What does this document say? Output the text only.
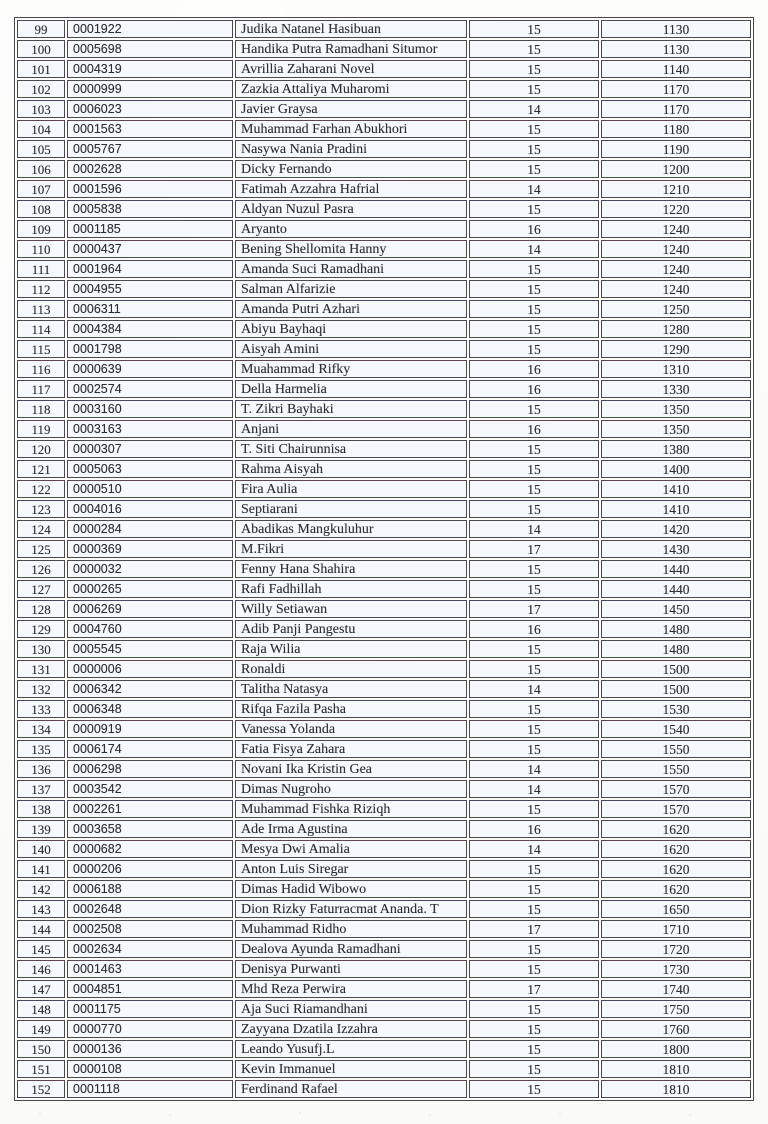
99	0001922	Judika Natanel Hasibuan	15	1130
100	0005698	Handika Putra Ramadhani Situmor	15	1130
101	0004319	Avrillia Zaharani Novel	15	1140
102	0000999	Zazkia Attaliya Muharomi	15	1170
103	0006023	Javier Graysa	14	1170
104	0001563	Muhammad Farhan Abukhori	15	1180
105	0005767	Nasywa Nania Pradini	15	1190
106	0002628	Dicky Fernando	15	1200
107	0001596	Fatimah Azzahra Hafrial	14	1210
108	0005838	Aldyan Nuzul Pasra	15	1220
109	0001185	Aryanto	16	1240
110	0000437	Bening Shellomita Hanny	14	1240
111	0001964	Amanda Suci Ramadhani	15	1240
112	0004955	Salman Alfarizie	15	1240
113	0006311	Amanda Putri Azhari	15	1250
114	0004384	Abiyu Bayhaqi	15	1280
115	0001798	Aisyah Amini	15	1290
116	0000639	Muahammad Rifky	16	1310
117	0002574	Della Harmelia	16	1330
118	0003160	T. Zikri Bayhaki	15	1350
119	0003163	Anjani	16	1350
120	0000307	T. Siti Chairunnisa	15	1380
121	0005063	Rahma Aisyah	15	1400
122	0000510	Fira Aulia	15	1410
123	0004016	Septiarani	15	1410
124	0000284	Abadikas Mangkuluhur	14	1420
125	0000369	M.Fikri	17	1430
126	0000032	Fenny Hana Shahira	15	1440
127	0000265	Rafi Fadhillah	15	1440
128	0006269	Willy Setiawan	17	1450
129	0004760	Adib Panji Pangestu	16	1480
130	0005545	Raja Wilia	15	1480
131	0000006	Ronaldi	15	1500
132	0006342	Talitha Natasya	14	1500
133	0006348	Rifqa Fazila Pasha	15	1530
134	0000919	Vanessa Yolanda	15	1540
135	0006174	Fatia Fisya Zahara	15	1550
136	0006298	Novani Ika Kristin Gea	14	1550
137	0003542	Dimas Nugroho	14	1570
138	0002261	Muhammad Fishka Riziqh	15	1570
139	0003658	Ade Irma Agustina	16	1620
140	0000682	Mesya Dwi Amalia	14	1620
141	0000206	Anton Luis Siregar	15	1620
142	0006188	Dimas Hadid Wibowo	15	1620
143	0002648	Dion Rizky Faturracmat Ananda. T	15	1650
144	0002508	Muhammad Ridho	17	1710
145	0002634	Dealova Ayunda Ramadhani	15	1720
146	0001463	Denisya Purwanti	15	1730
147	0004851	Mhd Reza Perwira	17	1740
148	0001175	Aja Suci Riamandhani	15	1750
149	0000770	Zayyana Dzatila Izzahra	15	1760
150	0000136	Leando Yusufj.L	15	1800
151	0000108	Kevin Immanuel	15	1810
152	0001118	Ferdinand Rafael	15	1810
